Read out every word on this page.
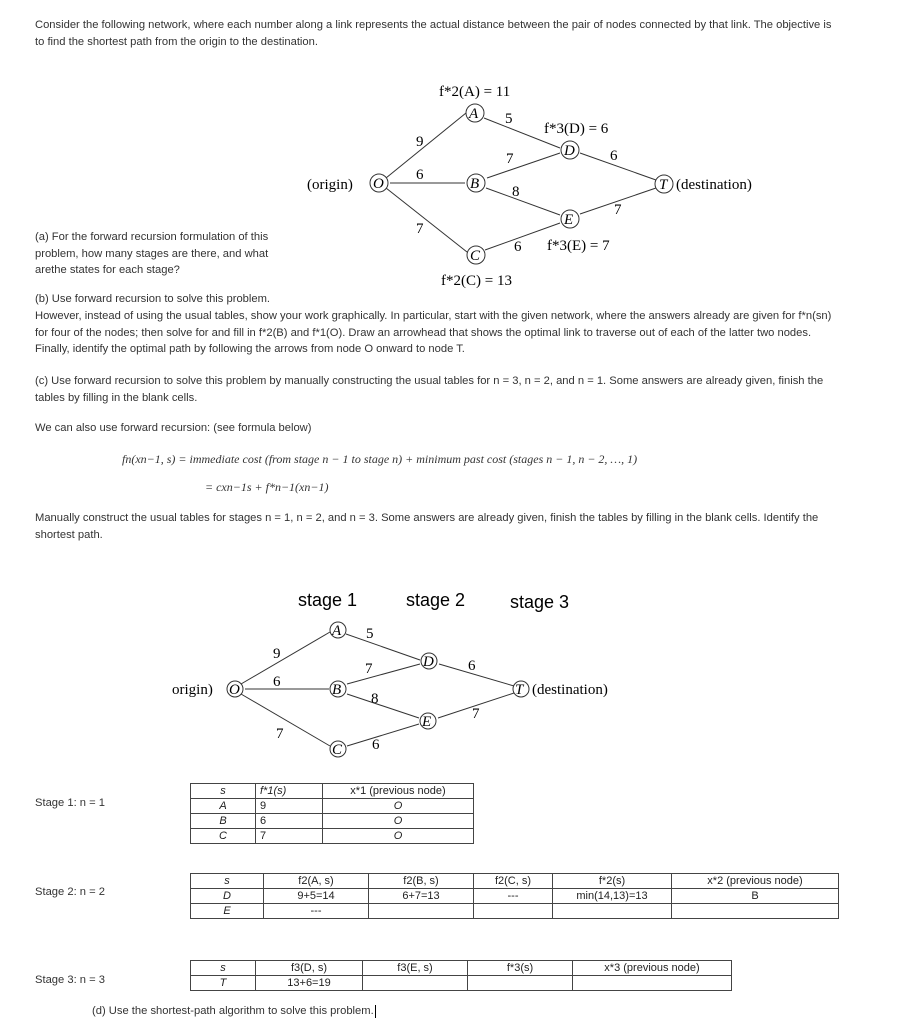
Consider the following network, where each number along a link represents the actual distance between the pair of nodes connected by that link. The objective is to find the shortest path from the origin to the destination.
O
A
B
C
D
E
T
9
6
7
5
7
8
6
6
7
f*2(A) = 11
f*3(D) = 6
f*3(E) = 7
f*2(C) = 13
(origin)	(destination)
(a) For the forward recursion formulation of this problem, how many stages are there, and what arethe states for each stage?
(b) Use forward recursion to solve this problem.
However, instead of using the usual tables, show your work graphically. In particular, start with the given network, where the answers already are given for f*n(sn) for four of the nodes; then solve for and fill in f*2(B) and f*1(O). Draw an arrowhead that shows the optimal link to traverse out of each of the latter two nodes. Finally, identify the optimal path by following the arrows from node O onward to node T.
(c) Use forward recursion to solve this problem by manually constructing the usual tables for n = 3, n = 2, and n = 1. Some answers are already given, finish the tables by filling in the blank cells.
We can also use forward recursion: (see formula below)
fn(xn−1, s) = immediate cost (from stage n − 1 to stage n) + minimum past cost (stages n − 1, n − 2, …, 1)
= cxn−1s + f*n−1(xn−1)
Manually construct the usual tables for stages n = 1, n = 2, and n = 3. Some answers are already given, finish the tables by filling in the blank cells. Identify the shortest path.
stage 1	stage 2 stage 3
O
A
B
C
D
E
T
9
6
7
5
7
8
6
6
7
origin)	(destination)
Stage 1: n = 1
Stage 2: n = 2
Stage 3: n = 3
s	f*1(s)	x*1 (previous node)
A	9	O
B	6	O
C	7	O
s	f2(A, s)	f2(B, s)	f2(C, s)	f*2(s)	x*2 (previous node)
D	9+5=14	6+7=13	---	min(14,13)=13	B
E	---				
s	f3(D, s)	f3(E, s)	f*3(s)	x*3 (previous node)
T	13+6=19			
(d) Use the shortest-path algorithm to solve this problem.
